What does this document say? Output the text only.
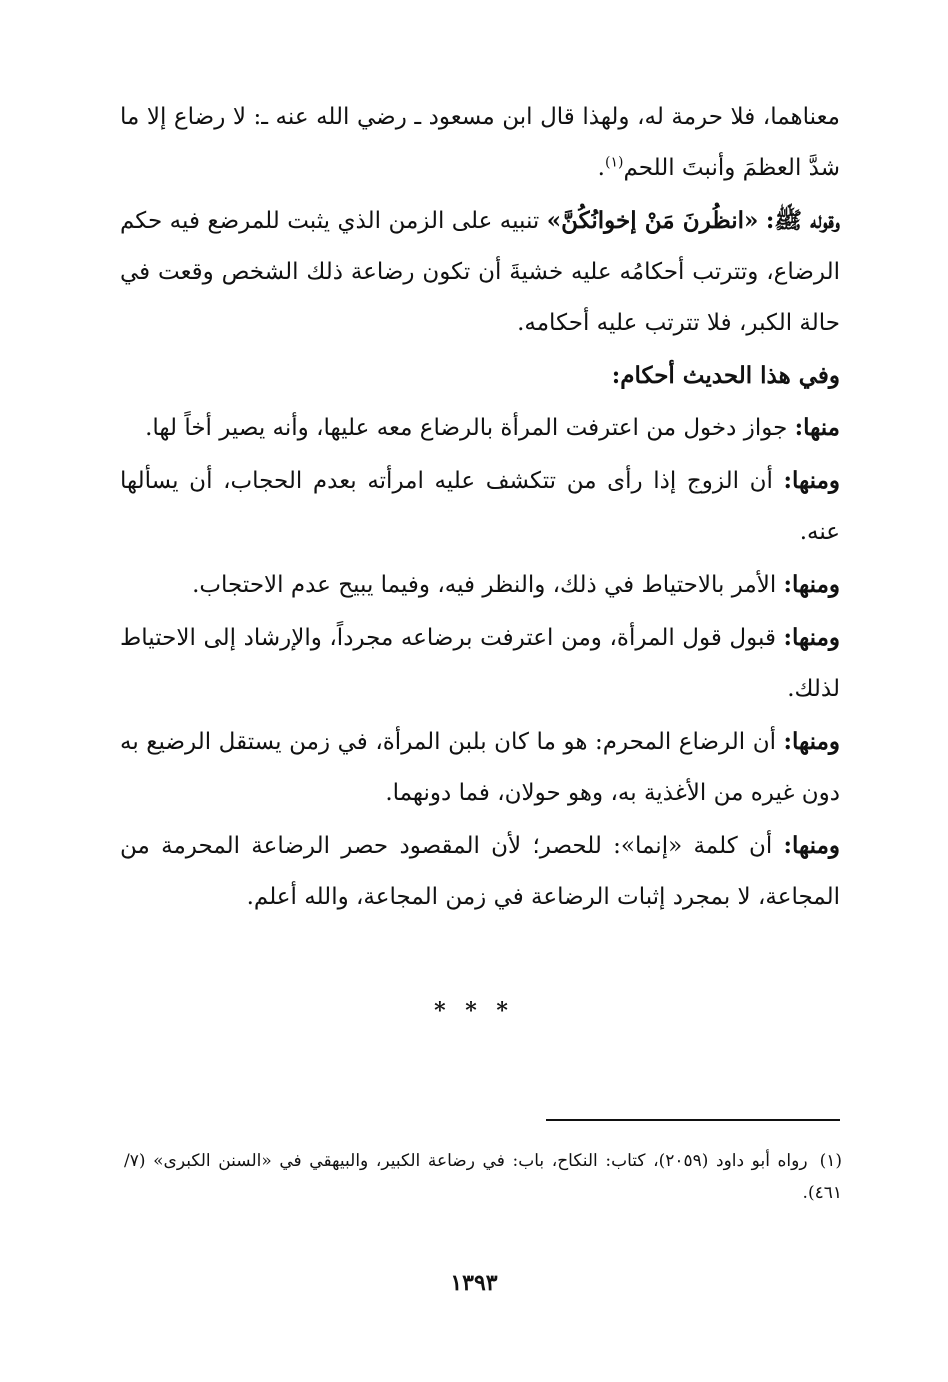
معناهما، فلا حرمة له، ولهذا قال ابن مسعود ـ رضي الله عنه ـ: لا رضاع إلا ما شدَّ العظمَ وأنبتَ اللحم$^{(١)}$.

وقوله ﷺ: «انظُرنَ مَنْ إخوانُكُنَّ» تنبيه على الزمن الذي يثبت للمرضع فيه حكم الرضاع، وتترتب أحكامُه عليه خشيةَ أن تكون رضاعة ذلك الشخص وقعت في حالة الكبر، فلا تترتب عليه أحكامه.

وفي هذا الحديث أحكام:

منها: جواز دخول من اعترفت المرأة بالرضاع معه عليها، وأنه يصير أخاً لها.

ومنها: أن الزوج إذا رأى من تتكشف عليه امرأته بعدم الحجاب، أن يسألها عنه.

ومنها: الأمر بالاحتياط في ذلك، والنظر فيه، وفيما يبيح عدم الاحتجاب.

ومنها: قبول قول المرأة، ومن اعترفت برضاعه مجرداً، والإرشاد إلى الاحتياط لذلك.

ومنها: أن الرضاع المحرم: هو ما كان بلبن المرأة، في زمن يستقل الرضيع به دون غيره من الأغذية به، وهو حولان، فما دونهما.

ومنها: أن كلمة «إنما»: للحصر؛ لأن المقصود حصر الرضاعة المحرمة من المجاعة، لا بمجرد إثبات الرضاعة في زمن المجاعة، والله أعلم.

* * *
(١)رواه أبو داود (٢٠٥٩)، كتاب: النكاح، باب: في رضاعة الكبير، والبيهقي في «السنن الكبرى» (٧/ ٤٦١).
١٣٩٣
